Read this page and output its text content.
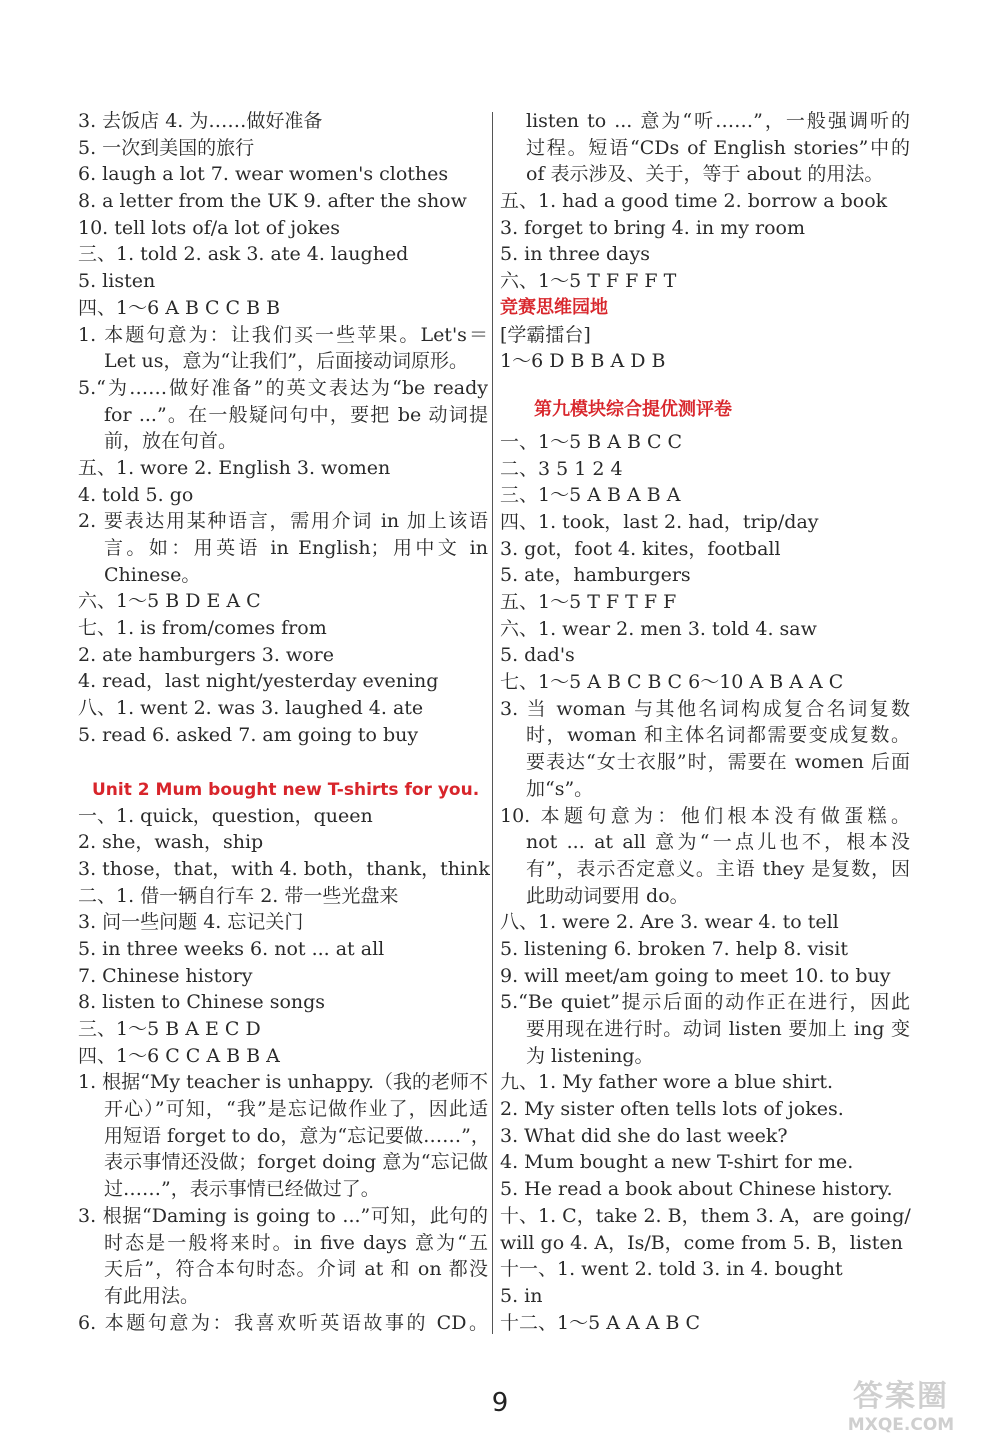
3. 去饭店 4. 为……做好准备
5. 一次到美国的旅行
6. laugh a lot 7. wear women's clothes
8. a letter from the UK 9. after the show
10. tell lots of/a lot of jokes
三、1. told 2. ask 3. ate 4. laughed
5. listen
四、1～6 A B C C B B
1. 本题句意为：让我们买一些苹果。Let's＝
Let us，意为“让我们”，后面接动词原形。
5.“为……做好准备”的英文表达为“be ready
for ...”。在一般疑问句中，要把 be 动词提
前，放在句首。
五、1. wore 2. English 3. women
4. told 5. go
2. 要表达用某种语言，需用介词 in 加上该语
言。如：用英语 in English；用中文 in
Chinese。
六、1～5 B D E A C
七、1. is from/comes from
2. ate hamburgers 3. wore
4. read，last night/yesterday evening
八、1. went 2. was 3. laughed 4. ate
5. read 6. asked 7. am going to buy
Unit 2 Mum bought new T-shirts for you.
一、1. quick，question，queen
2. she，wash，ship
3. those，that，with 4. both，thank，think
二、1. 借一辆自行车 2. 带一些光盘来
3. 问一些问题 4. 忘记关门
5. in three weeks 6. not ... at all
7. Chinese history
8. listen to Chinese songs
三、1～5 B A E C D
四、1～6 C C A B B A
1. 根据“My teacher is unhappy.（我的老师不
开心）”可知，“我”是忘记做作业了，因此适
用短语 forget to do，意为“忘记要做……”，
表示事情还没做；forget doing 意为“忘记做
过……”，表示事情已经做过了。
3. 根据“Daming is going to ...”可知，此句的
时态是一般将来时。in five days 意为“五
天后”，符合本句时态。介词 at 和 on 都没
有此用法。
6. 本题句意为：我喜欢听英语故事的 CD。
listen to ... 意为“听……”，一般强调听的
过程。短语“CDs of English stories”中的
of 表示涉及、关于，等于 about 的用法。
五、1. had a good time 2. borrow a book
3. forget to bring 4. in my room
5. in three days
六、1～5 T F F F T
竞赛思维园地
[学霸擂台]
1～6 D B B A D B
第九模块综合提优测评卷
一、1～5 B A B C C
二、3 5 1 2 4
三、1～5 A B A B A
四、1. took，last 2. had，trip/day
3. got，foot 4. kites，football
5. ate，hamburgers
五、1～5 T F T F F
六、1. wear 2. men 3. told 4. saw
5. dad's
七、1～5 A B C B C 6～10 A B A A C
3. 当 woman 与其他名词构成复合名词复数
时，woman 和主体名词都需要变成复数。
要表达“女士衣服”时，需要在 women 后面
加“s”。
10. 本题句意为：他们根本没有做蛋糕。
not ... at all 意为“一点儿也不，根本没
有”，表示否定意义。主语 they 是复数，因
此助动词要用 do。
八、1. were 2. Are 3. wear 4. to tell
5. listening 6. broken 7. help 8. visit
9. will meet/am going to meet 10. to buy
5.“Be quiet”提示后面的动作正在进行，因此
要用现在进行时。动词 listen 要加上 ing 变
为 listening。
九、1. My father wore a blue shirt.
2. My sister often tells lots of jokes.
3. What did she do last week?
4. Mum bought a new T-shirt for me.
5. He read a book about Chinese history.
十、1. C，take 2. B，them 3. A，are going/
will go 4. A，Is/B，come from 5. B，listen
十一、1. went 2. told 3. in 4. bought
5. in
十二、1～5 A A A B C
9	答案圈
MXQE.COM
